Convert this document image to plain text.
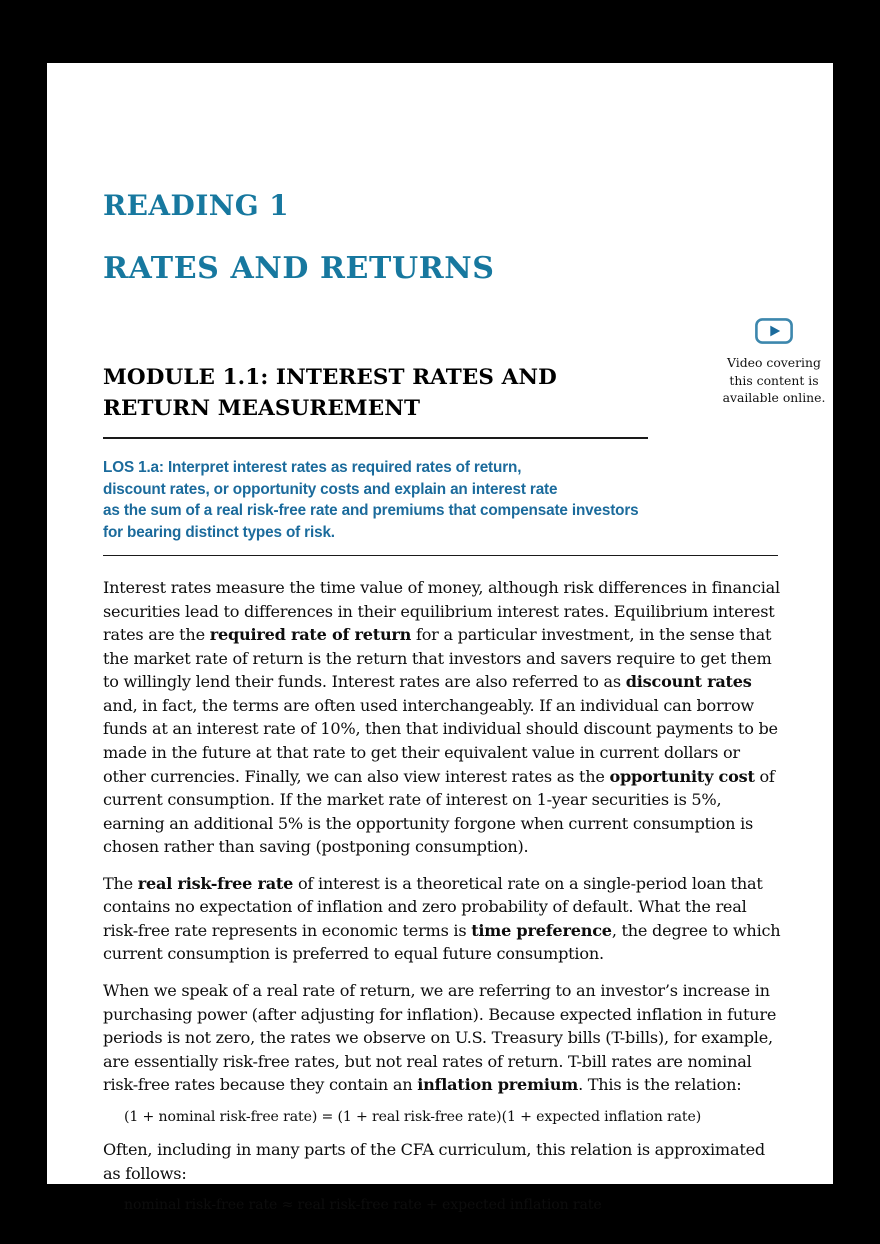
READING 1
RATES AND RETURNS
MODULE 1.1: INTEREST RATES AND RETURN MEASUREMENT
Video covering
this content is
available online.
LOS 1.a: Interpret interest rates as required rates of return,
discount rates, or opportunity costs and explain an interest rate
as the sum of a real risk-free rate and premiums that compensate investors
for bearing distinct types of risk.

Interest rates measure the time value of money, although risk differences in financial securities lead to differences in their equilibrium interest rates. Equilibrium interest rates are the required rate of return for a particular investment, in the sense that the market rate of return is the return that investors and savers require to get them to willingly lend their funds. Interest rates are also referred to as discount rates and, in fact, the terms are often used interchangeably. If an individual can borrow funds at an interest rate of 10%, then that individual should discount payments to be made in the future at that rate to get their equivalent value in current dollars or other currencies. Finally, we can also view interest rates as the opportunity cost of current consumption. If the market rate of interest on 1-year securities is 5%, earning an additional 5% is the opportunity forgone when current consumption is chosen rather than saving (postponing consumption).

The real risk-free rate of interest is a theoretical rate on a single-period loan that contains no expectation of inflation and zero probability of default. What the real risk-free rate represents in economic terms is time preference, the degree to which current consumption is preferred to equal future consumption.

When we speak of a real rate of return, we are referring to an investor’s increase in purchasing power (after adjusting for inflation). Because expected inflation in future periods is not zero, the rates we observe on U.S. Treasury bills (T-bills), for example, are essentially risk-free rates, but not real rates of return. T-bill rates are nominal risk-free rates because they contain an inflation premium. This is the relation:

(1 + nominal risk-free rate) = (1 + real risk-free rate)(1 + expected inflation rate)

Often, including in many parts of the CFA curriculum, this relation is approximated as follows:

nominal risk-free rate ≈ real risk-free rate + expected inflation rate
